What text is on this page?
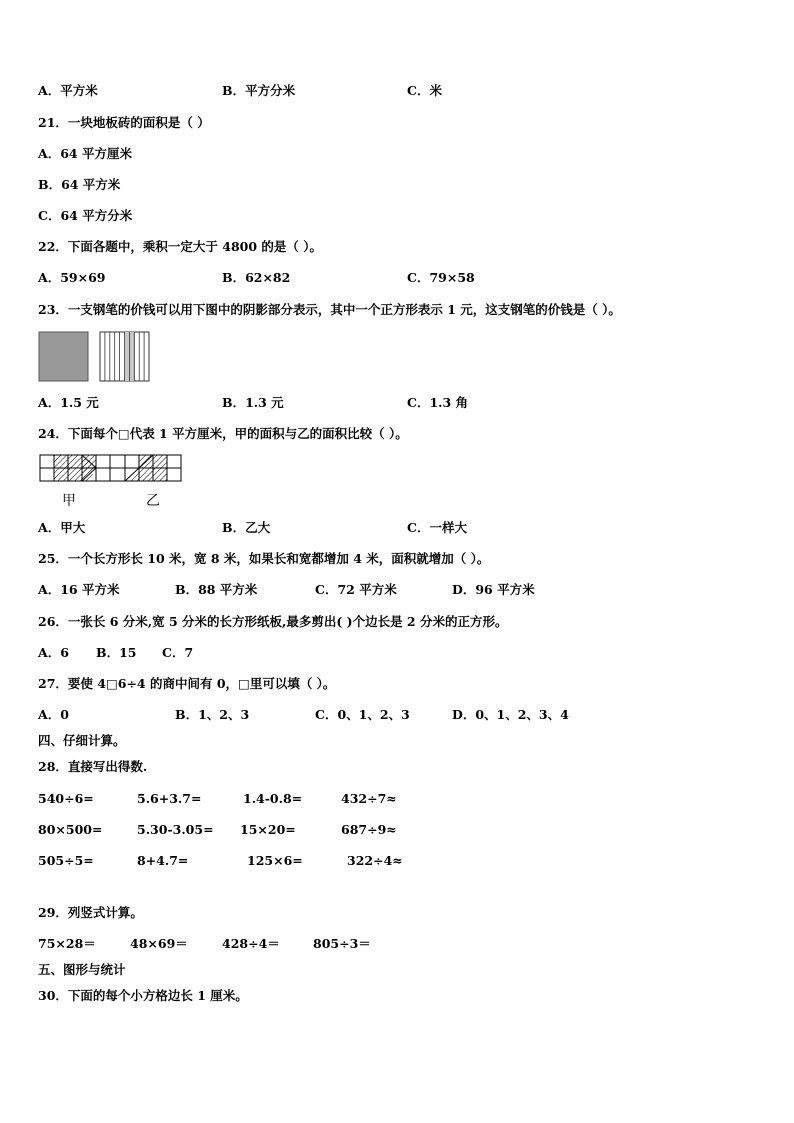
A．平方米	B．平方分米	C．米
21．一块地板砖的面积是（ ）
A．64 平方厘米
B．64 平方米
C．64 平方分米
22．下面各题中，乘积一定大于 4800 的是（ ）。
A．59×69	B．62×82	C．79×58
23．一支钢笔的价钱可以用下图中的阴影部分表示，其中一个正方形表示 1 元，这支钢笔的价钱是（ ）。
A．1.5 元	B．1.3 元	C．1.3 角
24．下面每个□代表 1 平方厘米，甲的面积与乙的面积比较（ ）。
甲	乙
A．甲大	B．乙大	C．一样大
25．一个长方形长 10 米，宽 8 米，如果长和宽都增加 4 米，面积就增加（ ）。
A．16 平方米	B．88 平方米	C．72 平方米	D．96 平方米
26．一张长 6 分米,宽 5 分米的长方形纸板,最多剪出( )个边长是 2 分米的正方形。
A．6 B．15 C．7
27．要使 4□6÷4 的商中间有 0，□里可以填（ ）。
A．0	B．1、2、3	C．0、1、2、3	D．0、1、2、3、4
四、仔细计算。
28．直接写出得数.
540÷6=	5.6+3.7=	1.4-0.8=	432÷7≈
80×500=	5.30-3.05= 15×20=	687÷9≈
505÷5=	8+4.7=	125×6=	322÷4≈
29．列竖式计算。
75×28＝	48×69＝	428÷4＝	805÷3＝
五、图形与统计
30．下面的每个小方格边长 1 厘米。
